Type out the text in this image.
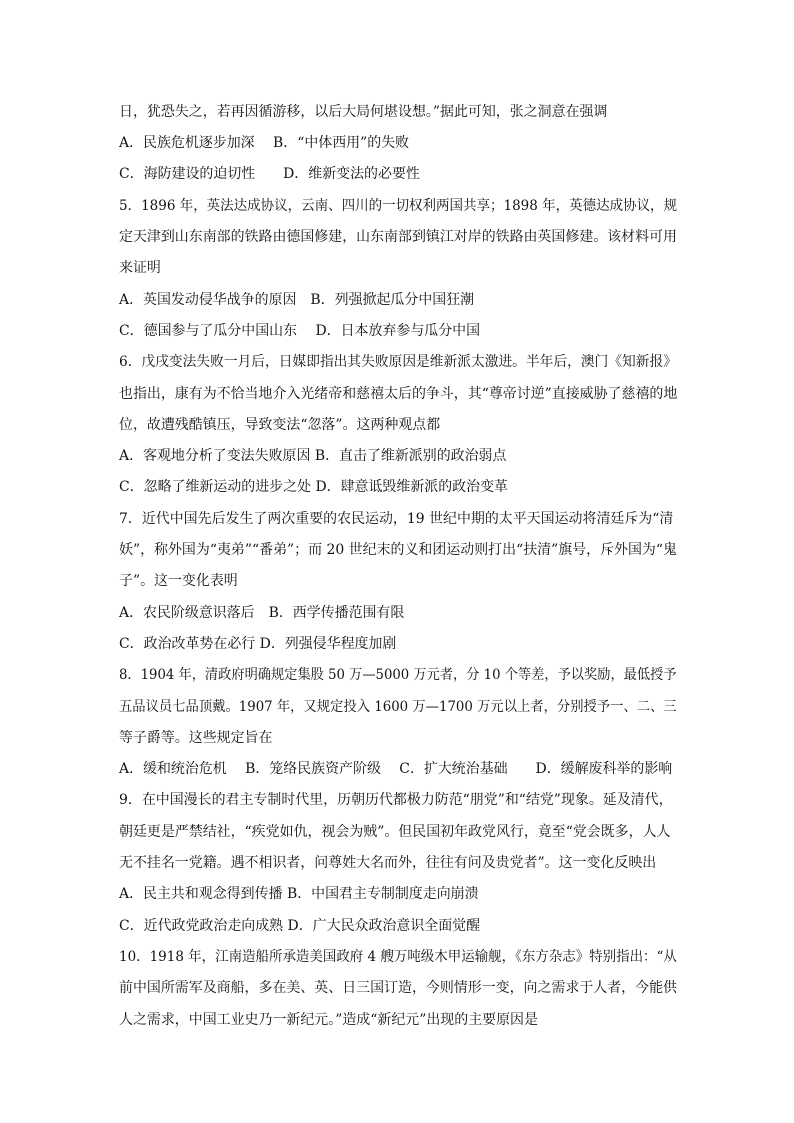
日，犹恐失之，若再因循游移，以后大局何堪设想。”据此可知，张之洞意在强调
A．民族危机逐步加深　 B．“中体西用”的失败
C．海防建设的迫切性　　D．维新变法的必要性
5．1896 年，英法达成协议，云南、四川的一切权利两国共享；1898 年，英德达成协议，规
定天津到山东南部的铁路由德国修建，山东南部到镇江对岸的铁路由英国修建。该材料可用
来证明
A．英国发动侵华战争的原因　B．列强掀起瓜分中国狂潮
C．德国参与了瓜分中国山东　 D．日本放弃参与瓜分中国
6．戊戌变法失败一月后，日媒即指出其失败原因是维新派太激进。半年后，澳门《知新报》
也指出，康有为不恰当地介入光绪帝和慈禧太后的争斗，其“尊帝讨逆”直接威胁了慈禧的地
位，故遭残酷镇压，导致变法“忽落”。这两种观点都
A．客观地分析了变法失败原因 B．直击了维新派别的政治弱点
C．忽略了维新运动的进步之处 D．肆意诋毁维新派的政治变革
7．近代中国先后发生了两次重要的农民运动，19 世纪中期的太平天国运动将清廷斥为“清
妖”，称外国为“夷弟”“番弟”；而 20 世纪末的义和团运动则打出“扶清”旗号，斥外国为“鬼
子”。这一变化表明
A．农民阶级意识落后　B．西学传播范围有限
C．政治改革势在必行 D．列强侵华程度加剧
8．1904 年，清政府明确规定集股 50 万—5000 万元者，分 10 个等差，予以奖励，最低授予
五品议员七品顶戴。1907 年，又规定投入 1600 万—1700 万元以上者，分别授予一、二、三
等子爵等。这些规定旨在
A．缓和统治危机　 B．笼络民族资产阶级　 C．扩大统治基础　　D．缓解废科举的影响
9．在中国漫长的君主专制时代里，历朝历代都极力防范“朋党”和“结党”现象。延及清代，
朝廷更是严禁结社，“疾党如仇，视会为贼”。但民国初年政党风行，竟至“党会既多，人人
无不挂名一党籍。遇不相识者，问尊姓大名而外，往往有问及贵党者”。这一变化反映出
A．民主共和观念得到传播 B．中国君主专制制度走向崩溃
C．近代政党政治走向成熟 D．广大民众政治意识全面觉醒
10．1918 年，江南造船所承造美国政府 4 艘万吨级木甲运输舰，《东方杂志》特别指出：“从
前中国所需军及商船，多在美、英、日三国订造，今则情形一变，向之需求于人者，今能供
人之需求，中国工业史乃一新纪元。”造成“新纪元”出现的主要原因是
